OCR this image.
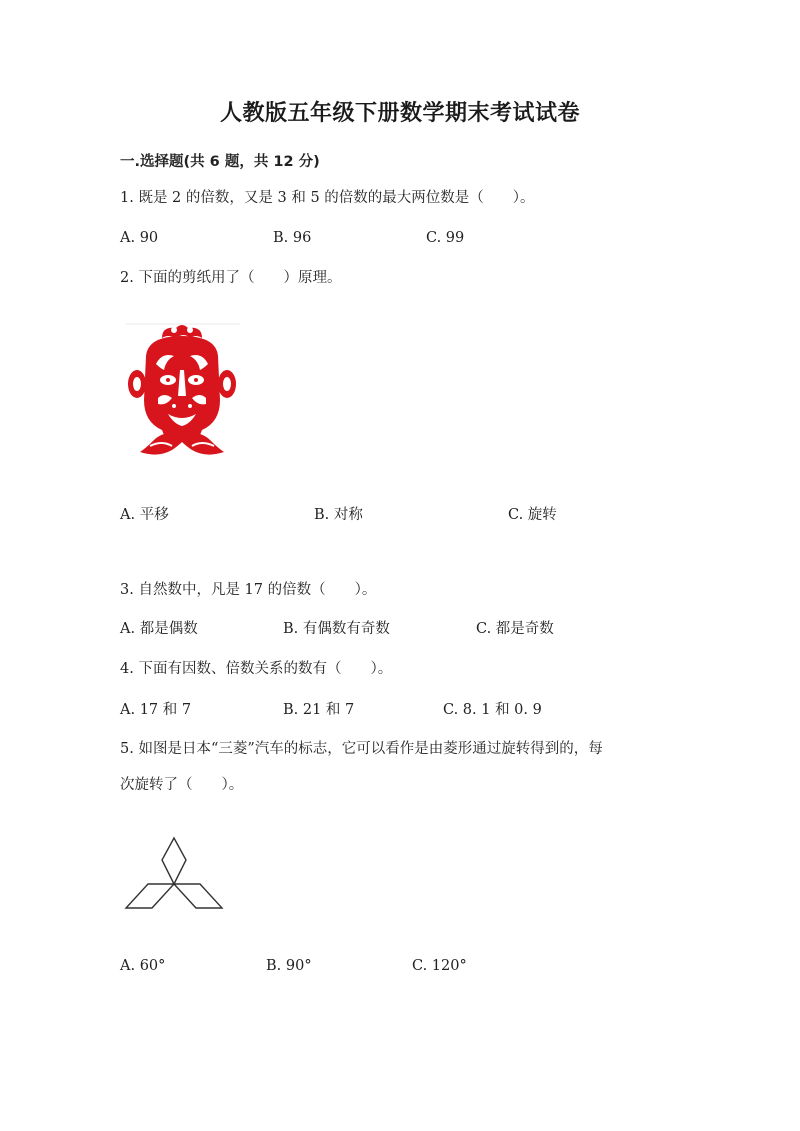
人教版五年级下册数学期末考试试卷
一.选择题(共 6 题，共 12 分)
1. 既是 2 的倍数，又是 3 和 5 的倍数的最大两位数是（　　）。
A. 90	B. 96	C. 99
2. 下面的剪纸用了（　　）原理。
A. 平移	B. 对称	C. 旋转
3. 自然数中，凡是 17 的倍数（　　）。
A. 都是偶数	B. 有偶数有奇数	C. 都是奇数
4. 下面有因数、倍数关系的数有（　　）。
A. 17 和 7	B. 21 和 7	C. 8. 1 和 0. 9
5. 如图是日本“三菱”汽车的标志，它可以看作是由菱形通过旋转得到的，每
次旋转了（　　）。
A. 60°	B. 90°	C. 120°
